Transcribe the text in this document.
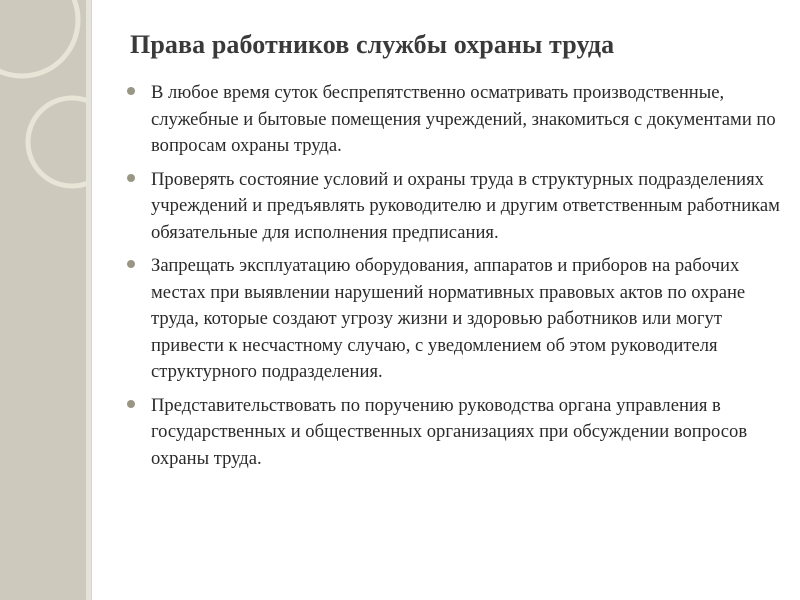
Права работников службы охраны труда
В любое время суток беспрепятственно осматривать производственные, служебные и бытовые помещения учреждений, знакомиться с документами по вопросам охраны труда.
Проверять состояние условий и охраны труда в структурных подразделениях учреждений и предъявлять руководителю и другим ответственным работникам обязательные для исполнения предписания.
Запрещать эксплуатацию оборудования, аппаратов и приборов на рабочих местах при выявлении нарушений нормативных правовых актов по охране труда, которые создают угрозу жизни и здоровью работников или могут привести к несчастному случаю, с уведомлением об этом руководителя структурного подразделения.
Представительствовать по поручению руководства органа управления в государственных и общественных организациях при обсуждении вопросов охраны труда.
